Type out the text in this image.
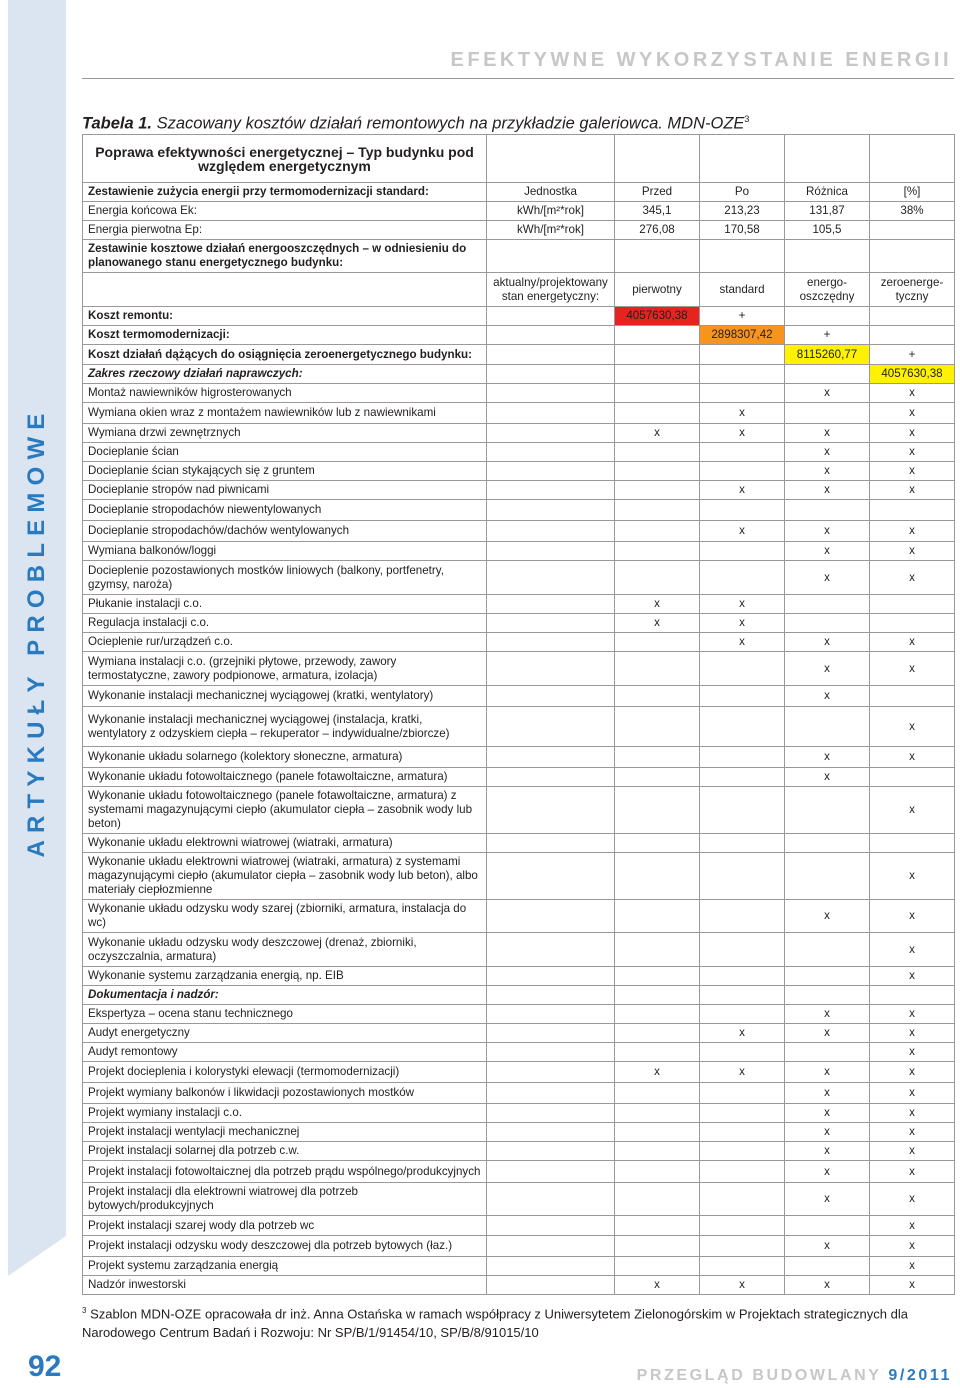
ARTYKUŁY PROBLEMOWE
92
EFEKTYWNE WYKORZYSTANIE ENERGII
Tabela 1. Szacowany kosztów działań remontowych na przykładzie galeriowca. MDN-OZE$^3$
Poprawa efektywności energetycznej – Typ budynku pod
względem energetycznym					
Zestawienie zużycia energii przy termomodernizacji standard:	Jednostka	Przed	Po	Różnica	[%]
Energia końcowa Ek:	kWh/[m²*rok]	345,1	213,23	131,87	38%
Energia pierwotna Ep:	kWh/[m²*rok]	276,08	170,58	105,5	
Zestawinie kosztowe działań energooszczędnych – w odniesieniu do planowanego stanu energetycznego budynku:					
	aktualny/projektowany stan energetyczny:	pierwotny	standard	energo-oszczędny	zeroenerge-tyczny
Koszt remontu:		4057630,38	+		
Koszt termomodernizacji:			2898307,42	+	
Koszt działań dążących do osiągnięcia zeroenergetycznego budynku:				8115260,77	+
Zakres rzeczowy działań naprawczych:					4057630,38
Montaż nawiewników higrosterowanych				x	x
Wymiana okien wraz z montażem nawiewników lub z nawiewnikami			x		x
Wymiana drzwi zewnętrznych		x	x	x	x
Docieplanie ścian				x	x
Docieplanie ścian stykających się z gruntem				x	x
Docieplanie stropów nad piwnicami			x	x	x
Docieplanie stropodachów niewentylowanych					
Docieplanie stropodachów/dachów wentylowanych			x	x	x
Wymiana balkonów/loggi				x	x
Docieplenie pozostawionych mostków liniowych (balkony, portfenetry, gzymsy, naroża)				x	x
Płukanie instalacji c.o.		x	x		
Regulacja instalacji c.o.		x	x		
Ocieplenie rur/urządzeń c.o.			x	x	x
Wymiana instalacji c.o. (grzejniki płytowe, przewody, zawory termostatyczne, zawory podpionowe, armatura, izolacja)				x	x
Wykonanie instalacji mechanicznej wyciągowej (kratki, wentylatory)				x	
Wykonanie instalacji mechanicznej wyciągowej (instalacja, kratki, wentylatory z odzyskiem ciepła – rekuperator – indywidualne/zbiorcze)					x
Wykonanie układu solarnego (kolektory słoneczne, armatura)				x	x
Wykonanie układu fotowoltaicznego (panele fotawoltaiczne, armatura)				x	
Wykonanie układu fotowoltaicznego (panele fotawoltaiczne, armatura) z systemami magazynującymi ciepło (akumulator ciepła – zasobnik wody lub beton)					x
Wykonanie układu elektrowni wiatrowej (wiatraki, armatura)					
Wykonanie układu elektrowni wiatrowej (wiatraki, armatura) z systemami magazynującymi ciepło (akumulator ciepła – zasobnik wody lub beton), albo materiały ciepłozmienne					x
Wykonanie układu odzysku wody szarej (zbiorniki, armatura, instalacja do wc)				x	x
Wykonanie układu odzysku wody deszczowej (drenaż, zbiorniki, oczyszczalnia, armatura)					x
Wykonanie systemu zarządzania energią, np. EIB					x
Dokumentacja i nadzór:					
Ekspertyza – ocena stanu technicznego				x	x
Audyt energetyczny			x	x	x
Audyt remontowy					x
Projekt docieplenia i kolorystyki elewacji (termomodernizacji)		x	x	x	x
Projekt wymiany balkonów i likwidacji pozostawionych mostków				x	x
Projekt wymiany instalacji c.o.				x	x
Projekt instalacji wentylacji mechanicznej				x	x
Projekt instalacji solarnej dla potrzeb c.w.				x	x
Projekt instalacji fotowoltaicznej dla potrzeb prądu wspólnego/produkcyjnych				x	x
Projekt instalacji dla elektrowni wiatrowej dla potrzeb bytowych/produkcyjnych				x	x
Projekt instalacji szarej wody dla potrzeb wc					x
Projekt instalacji odzysku wody deszczowej dla potrzeb bytowych (łaz.)				x	x
Projekt systemu zarządzania energią					x
Nadzór inwestorski		x	x	x	x
$^3$ Szablon MDN-OZE opracowała dr inż. Anna Ostańska w ramach współpracy z Uniwersytetem Zielonogórskim w Projektach strategicznych dla Narodowego Centrum Badań i Rozwoju: Nr SP/B/1/91454/10, SP/B/8/91015/10
PRZEGLĄD BUDOWLANY 9/2011
